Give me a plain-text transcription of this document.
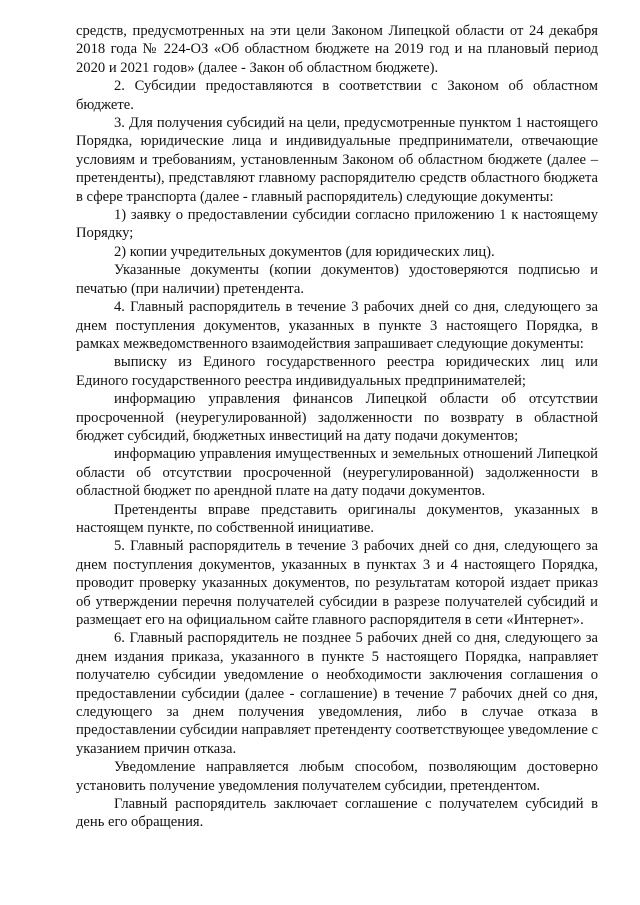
средств, предусмотренных на эти цели Законом Липецкой области от 24 декабря 2018 года № 224-ОЗ «Об областном бюджете на 2019 год и на плановый период 2020 и 2021 годов» (далее - Закон об областном бюджете).

2. Субсидии предоставляются в соответствии с Законом об областном бюджете.

3. Для получения субсидий на цели, предусмотренные пунктом 1 настоящего Порядка, юридические лица и индивидуальные предприниматели, отвечающие условиям и требованиям, установленным Законом об областном бюджете (далее – претенденты), представляют главному распорядителю средств областного бюджета в сфере транспорта (далее - главный распорядитель) следующие документы:

1) заявку о предоставлении субсидии согласно приложению 1 к настоящему Порядку;

2) копии учредительных документов (для юридических лиц).

Указанные документы (копии документов) удостоверяются подписью и печатью (при наличии) претендента.

4. Главный распорядитель в течение 3 рабочих дней со дня, следующего за днем поступления документов, указанных в пункте 3 настоящего Порядка, в рамках межведомственного взаимодействия запрашивает следующие документы:

выписку из Единого государственного реестра юридических лиц или Единого государственного реестра индивидуальных предпринимателей;

информацию управления финансов Липецкой области об отсутствии просроченной (неурегулированной) задолженности по возврату в областной бюджет субсидий, бюджетных инвестиций на дату подачи документов;

информацию управления имущественных и земельных отношений Липецкой области об отсутствии просроченной (неурегулированной) задолженности в областной бюджет по арендной плате на дату подачи документов.

Претенденты вправе представить оригиналы документов, указанных в настоящем пункте, по собственной инициативе.

5. Главный распорядитель в течение 3 рабочих дней со дня, следующего за днем поступления документов, указанных в пунктах 3 и 4 настоящего Порядка, проводит проверку указанных документов, по результатам которой издает приказ об утверждении перечня получателей субсидии в разрезе получателей субсидий и размещает его на официальном сайте главного распорядителя в сети «Интернет».

6. Главный распорядитель не позднее 5 рабочих дней со дня, следующего за днем издания приказа, указанного в пункте 5 настоящего Порядка, направляет получателю субсидии уведомление о необходимости заключения соглашения о предоставлении субсидии (далее - соглашение) в течение 7 рабочих дней со дня, следующего за днем получения уведомления, либо в случае отказа в предоставлении субсидии направляет претенденту соответствующее уведомление с указанием причин отказа.

Уведомление направляется любым способом, позволяющим достоверно установить получение уведомления получателем субсидии, претендентом.

Главный распорядитель заключает соглашение с получателем субсидий в день его обращения.
